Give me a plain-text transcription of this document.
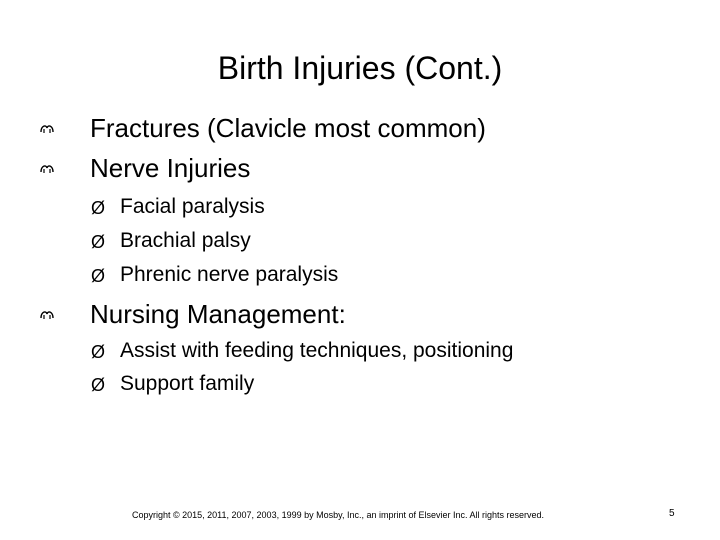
Birth Injuries (Cont.)
Fractures (Clavicle most common)
Nerve Injuries
Ø Facial paralysis
Ø Brachial palsy
Ø Phrenic nerve paralysis
Nursing Management:
Ø Assist with feeding techniques, positioning
Ø Support family
Copyright © 2015, 2011, 2007, 2003, 1999 by Mosby, Inc., an imprint of Elsevier Inc. All rights reserved.	5
